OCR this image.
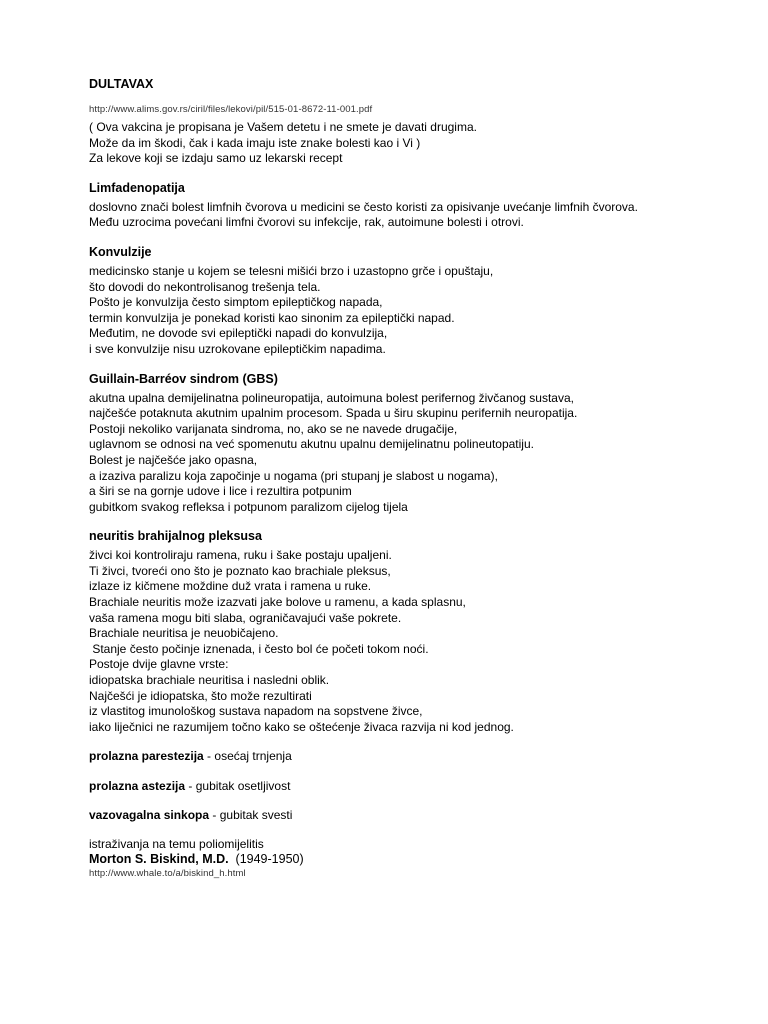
DULTAVAX
http://www.alims.gov.rs/ciril/files/lekovi/pil/515-01-8672-11-001.pdf
( Ova vakcina je propisana je Vašem detetu i ne smete je davati drugima.
Može da im škodi, čak i kada imaju iste znake bolesti kao i Vi )
Za lekove koji se izdaju samo uz lekarski recept
Limfadenopatija
doslovno znači bolest limfnih čvorova u medicini se često koristi za opisivanje uvećanje limfnih čvorova.
Među uzrocima povećani limfni čvorovi su infekcije, rak, autoimune bolesti i otrovi.
Konvulzije
medicinsko stanje u kojem se telesni mišići brzo i uzastopno grče i opuštaju,
što dovodi do nekontrolisanog trešenja tela.
Pošto je konvulzija često simptom epileptičkog napada,
termin konvulzija je ponekad koristi kao sinonim za epileptički napad.
Međutim, ne dovode svi epileptički napadi do konvulzija,
i sve konvulzije nisu uzrokovane epileptičkim napadima.
Guillain-Barréov sindrom (GBS)
akutna upalna demijelinatna polineuropatija, autoimuna bolest perifernog živčanog sustava,
najčešće potaknuta akutnim upalnim procesom. Spada u širu skupinu perifernih neuropatija.
Postoji nekoliko varijanata sindroma, no, ako se ne navede drugačije,
uglavnom se odnosi na već spomenutu akutnu upalnu demijelinatnu polineutopatiju.
Bolest je najčešće jako opasna,
a izaziva paralizu koja započinje u nogama (pri stupanj je slabost u nogama),
a širi se na gornje udove i lice i rezultira potpunim
gubitkom svakog refleksa i potpunom paralizom cijelog tijela
neuritis brahijalnog pleksusa
živci koi kontroliraju ramena, ruku i šake postaju upaljeni.
Ti živci, tvoreći ono što je poznato kao brachiale pleksus,
izlaze iz kičmene moždine duž vrata i ramena u ruke.
Brachiale neuritis može izazvati jake bolove u ramenu, a kada splasnu,
vaša ramena mogu biti slaba, ograničavajući vaše pokrete.
Brachiale neuritisa je neuobičajeno.
Stanje često počinje iznenada, i često bol će početi tokom noći.
Postoje dvije glavne vrste:
idiopatska brachiale neuritisa i naslednі oblik.
Najčešći je idiopatska, što može rezultirati
iz vlastitog imunološkog sustava napadom na sopstvene živce,
iako liječnici ne razumijem točno kako se oštećenje živaca razvija ni kod jednog.
prolazna parestezija - osećaj trnjenja
prolazna astezija - gubitak osetljivost
vazovagalna sinkopa - gubitak svesti
istraživanja na temu poliomijelitis
Morton S. Biskind, M.D.  (1949-1950)
http://www.whale.to/a/biskind_h.html
